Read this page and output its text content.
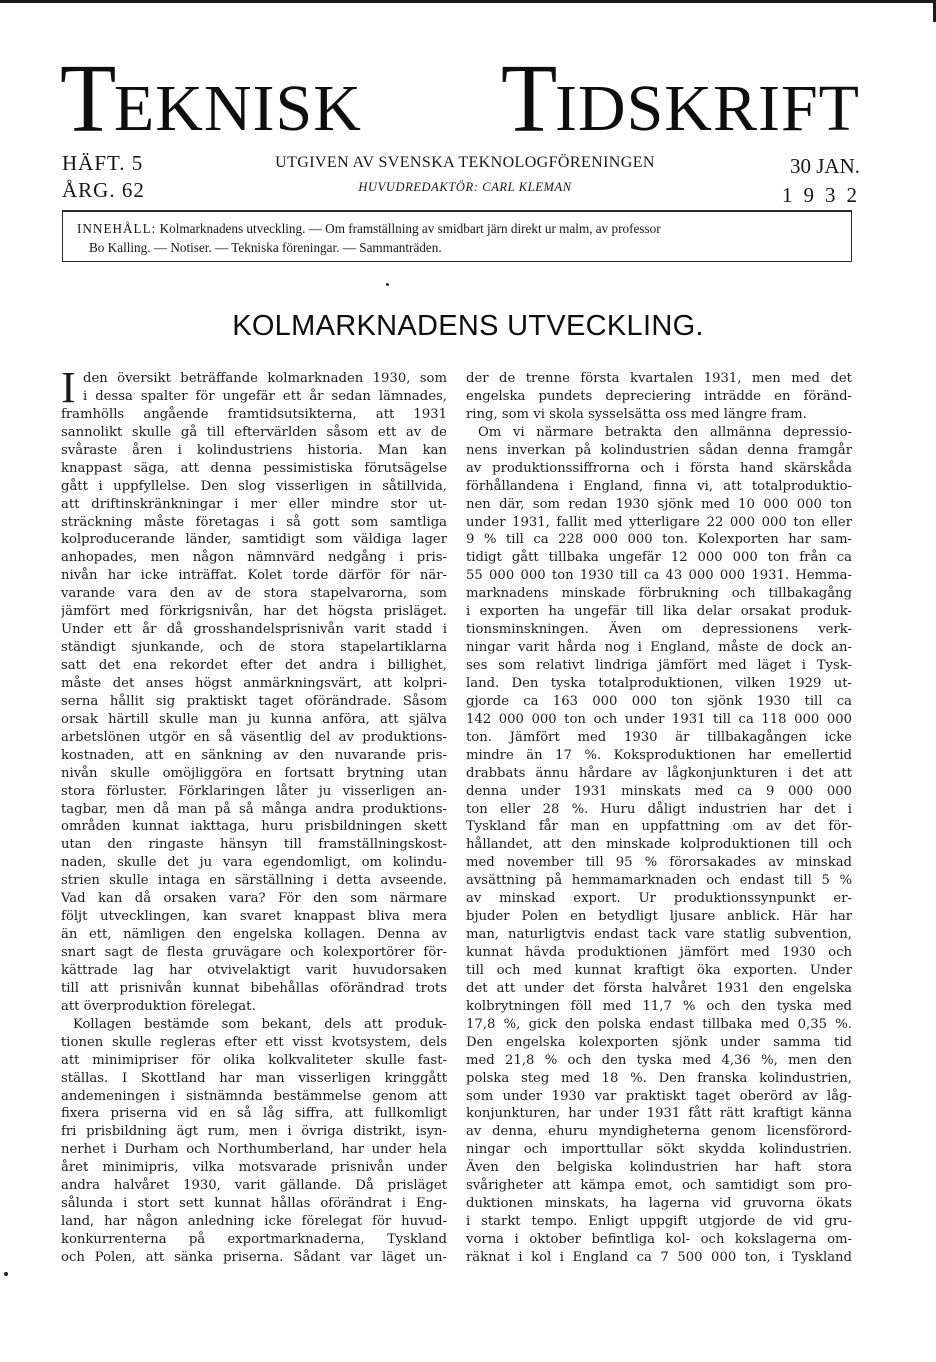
T
EKNISK T
IDSKRIFT
HÄFT. 5
ÅRG. 62
UTGIVEN AV SVENSKA TEKNOLOGFÖRENINGEN
HUVUDREDAKTÖR: CARL KLEMAN
30 JAN.
1932
INNEHÅLL: Kolmarknadens utveckling. — Om framställning av smidbart järn direkt ur malm, av professor
Bo Kalling. — Notiser. — Tekniska föreningar. — Sammanträden.
KOLMARKNADENS UTVECKLING.
I den översikt beträffande kolmarknaden 1930, som
i dessa spalter för ungefär ett år sedan lämnades,
framhölls angående framtidsutsikterna, att 1931
sannolikt skulle gå till eftervärlden såsom ett av de
svåraste åren i kolindustriens historia. Man kan
knappast säga, att denna pessimistiska förutsägelse
gått i uppfyllelse. Den slog visserligen in såtillvida,
att driftinskränkningar i mer eller mindre stor ut-
sträckning måste företagas i så gott som samtliga
kolproducerande länder, samtidigt som väldiga lager
anhopades, men någon nämnvärd nedgång i pris-
nivån har icke inträffat. Kolet torde därför för när-
varande vara den av de stora stapelvarorna, som
jämfört med förkrigsnivån, har det högsta prisläget.
Under ett år då grosshandelsprisnivån varit stadd i
ständigt sjunkande, och de stora stapelartiklarna
satt det ena rekordet efter det andra i billighet,
måste det anses högst anmärkningsvärt, att kolpri-
serna hållit sig praktiskt taget oförändrade. Såsom
orsak härtill skulle man ju kunna anföra, att själva
arbetslönen utgör en så väsentlig del av produktions-
kostnaden, att en sänkning av den nuvarande pris-
nivån skulle omöjliggöra en fortsatt brytning utan
stora förluster. Förklaringen låter ju visserligen an-
tagbar, men då man på så många andra produktions-
områden kunnat iakttaga, huru prisbildningen skett
utan den ringaste hänsyn till framställningskost-
naden, skulle det ju vara egendomligt, om kolindu-
strien skulle intaga en särställning i detta avseende.
Vad kan då orsaken vara? För den som närmare
följt utvecklingen, kan svaret knappast bliva mera
än ett, nämligen den engelska kollagen. Denna av
snart sagt de flesta gruvägare och kolexportörer för-
kättrade lag har otvivelaktigt varit huvudorsaken
till att prisnivån kunnat bibehållas oförändrad trots
att överproduktion förelegat.
Kollagen bestämde som bekant, dels att produk-
tionen skulle regleras efter ett visst kvotsystem, dels
att minimipriser för olika kolkvaliteter skulle fast-
ställas. I Skottland har man visserligen kringgått
andemeningen i sistnämnda bestämmelse genom att
fixera priserna vid en så låg siffra, att fullkomligt
fri prisbildning ägt rum, men i övriga distrikt, isyn-
nerhet i Durham och Northumberland, har under hela
året minimipris, vilka motsvarade prisnivån under
andra halvåret 1930, varit gällande. Då prisläget
sålunda i stort sett kunnat hållas oförändrat i Eng-
land, har någon anledning icke förelegat för huvud-
konkurrenterna på exportmarknaderna, Tyskland
och Polen, att sänka priserna. Sådant var läget un-
der de trenne första kvartalen 1931, men med det
engelska pundets depreciering inträdde en föränd-
ring, som vi skola sysselsätta oss med längre fram.
Om vi närmare betrakta den allmänna depressio-
nens inverkan på kolindustrien sådan denna framgår
av produktionssiffrorna och i första hand skärskåda
förhållandena i England, finna vi, att totalproduktio-
nen där, som redan 1930 sjönk med 10 000 000 ton
under 1931, fallit med ytterligare 22 000 000 ton eller
9 % till ca 228 000 000 ton. Kolexporten har sam-
tidigt gått tillbaka ungefär 12 000 000 ton från ca
55 000 000 ton 1930 till ca 43 000 000 1931. Hemma-
marknadens minskade förbrukning och tillbakagång
i exporten ha ungefär till lika delar orsakat produk-
tionsminskningen. Även om depressionens verk-
ningar varit hårda nog i England, måste de dock an-
ses som relativt lindriga jämfört med läget i Tysk-
land. Den tyska totalproduktionen, vilken 1929 ut-
gjorde ca 163 000 000 ton sjönk 1930 till ca
142 000 000 ton och under 1931 till ca 118 000 000
ton. Jämfört med 1930 är tillbakagången icke
mindre än 17 %. Koksproduktionen har emellertid
drabbats ännu hårdare av lågkonjunkturen i det att
denna under 1931 minskats med ca 9 000 000
ton eller 28 %. Huru dåligt industrien har det i
Tyskland får man en uppfattning om av det för-
hållandet, att den minskade kolproduktionen till och
med november till 95 % förorsakades av minskad
avsättning på hemmamarknaden och endast till 5 %
av minskad export. Ur produktionssynpunkt er-
bjuder Polen en betydligt ljusare anblick. Här har
man, naturligtvis endast tack vare statlig subvention,
kunnat hävda produktionen jämfört med 1930 och
till och med kunnat kraftigt öka exporten. Under
det att under det första halvåret 1931 den engelska
kolbrytningen föll med 11,7 % och den tyska med
17,8 %, gick den polska endast tillbaka med 0,35 %.
Den engelska kolexporten sjönk under samma tid
med 21,8 % och den tyska med 4,36 %, men den
polska steg med 18 %. Den franska kolindustrien,
som under 1930 var praktiskt taget oberörd av låg-
konjunkturen, har under 1931 fått rätt kraftigt känna
av denna, ehuru myndigheterna genom licensförord-
ningar och importtullar sökt skydda kolindustrien.
Även den belgiska kolindustrien har haft stora
svårigheter att kämpa emot, och samtidigt som pro-
duktionen minskats, ha lagerna vid gruvorna ökats
i starkt tempo. Enligt uppgift utgjorde de vid gru-
vorna i oktober befintliga kol- och kokslagerna om-
räknat i kol i England ca 7 500 000 ton, i Tyskland
